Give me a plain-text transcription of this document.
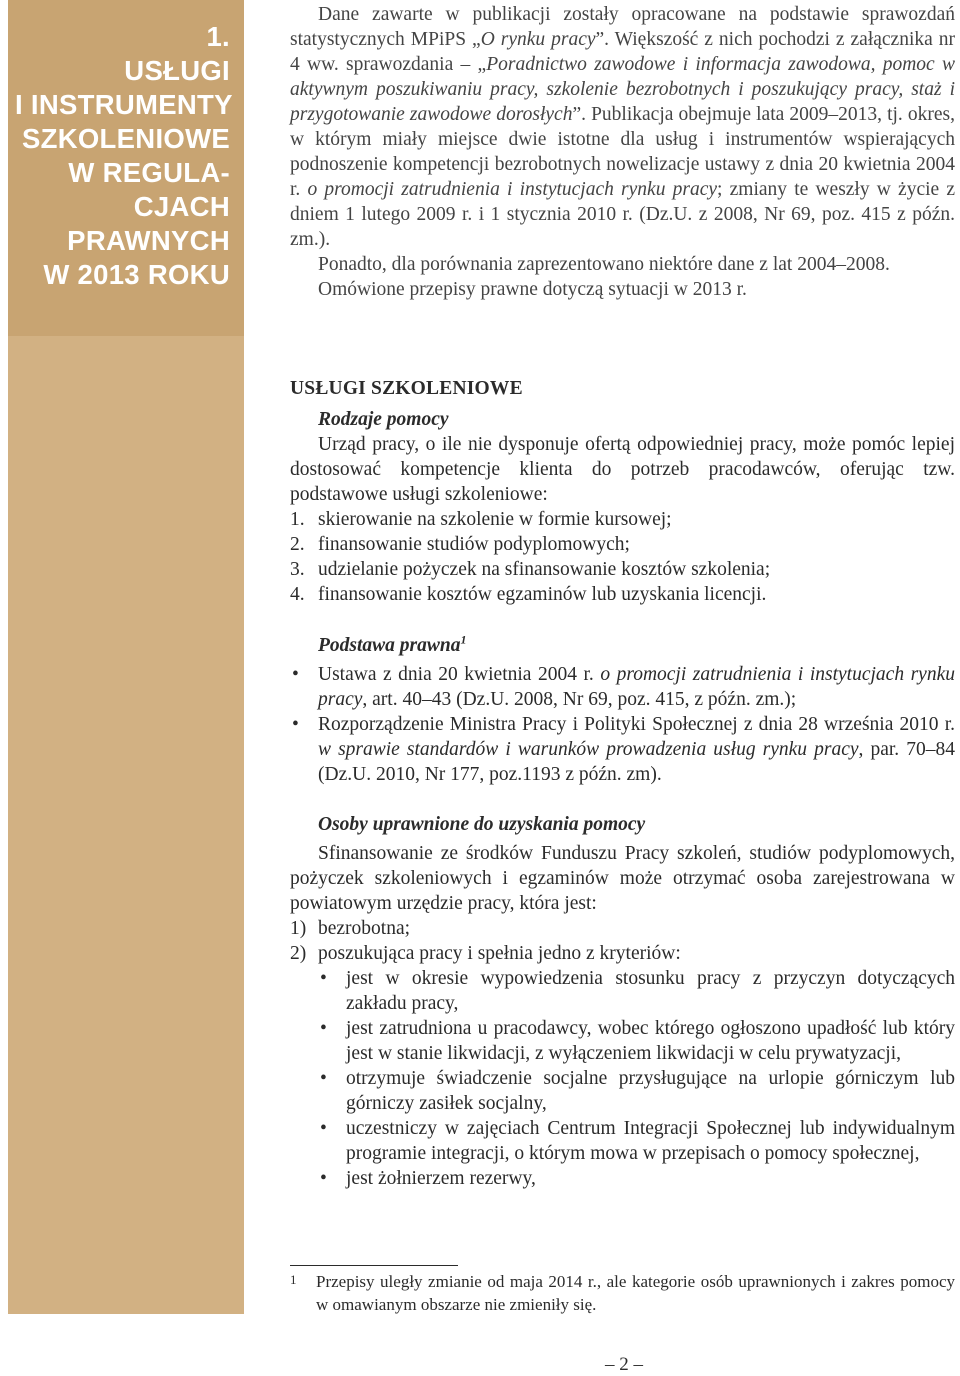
1.
USŁUGI
I INSTRUMENTY
SZKOLENIOWE
W REGULA-
CJACH
PRAWNYCH
W 2013 ROKU

Dane zawarte w publikacji zostały opracowane na podstawie sprawozdań statystycznych MPiPS „O rynku pracy”. Większość z nich pochodzi z załącznika nr 4 ww. sprawozdania – „Poradnictwo zawodowe i informacja zawodowa, pomoc w aktywnym poszukiwaniu pracy, szkolenie bezrobotnych i poszukujący pracy, staż i przygotowanie zawodowe dorosłych”. Publikacja obejmuje lata 2009–2013, tj. okres, w którym miały miejsce dwie istotne dla usług i instrumentów wspierających podnoszenie kompetencji bezrobotnych nowelizacje ustawy z dnia 20 kwietnia 2004 r. o promocji zatrudnienia i instytucjach rynku pracy; zmiany te weszły w życie z dniem 1 lutego 2009 r. i 1 stycznia 2010 r. (Dz.U. z 2008, Nr 69, poz. 415 z późn. zm.).

Ponadto, dla porównania zaprezentowano niektóre dane z lat 2004–2008.

Omówione przepisy prawne dotyczą sytuacji w 2013 r.

USŁUGI SZKOLENIOWE

Rodzaje pomocy

Urząd pracy, o ile nie dysponuje ofertą odpowiedniej pracy, może pomóc lepiej dostosować kompetencje klienta do potrzeb pracodawców, oferując tzw. podstawowe usługi szkoleniowe:

1. skierowanie na szkolenie w formie kursowej;
2. finansowanie studiów podyplomowych;
3. udzielanie pożyczek na sfinansowanie kosztów szkolenia;
4. finansowanie kosztów egzaminów lub uzyskania licencji.

Podstawa prawna$^1$

• Ustawa z dnia 20 kwietnia 2004 r. o promocji zatrudnienia i instytucjach rynku pracy, art. 40–43 (Dz.U. 2008, Nr 69, poz. 415, z późn. zm.);
• Rozporządzenie Ministra Pracy i Polityki Społecznej z dnia 28 września 2010 r. w sprawie standardów i warunków prowadzenia usług rynku pracy, par. 70–84 (Dz.U. 2010, Nr 177, poz.1193 z późn. zm).

Osoby uprawnione do uzyskania pomocy

Sfinansowanie ze środków Funduszu Pracy szkoleń, studiów podyplomowych, pożyczek szkoleniowych i egzaminów może otrzymać osoba zarejestrowana w powiatowym urzędzie pracy, która jest:

1) bezrobotna;
2) poszukująca pracy i spełnia jedno z kryteriów:
• jest w okresie wypowiedzenia stosunku pracy z przyczyn dotyczących zakładu pracy,
• jest zatrudniona u pracodawcy, wobec którego ogłoszono upadłość lub który jest w stanie likwidacji, z wyłączeniem likwidacji w celu prywatyzacji,
• otrzymuje świadczenie socjalne przysługujące na urlopie górniczym lub górniczy zasiłek socjalny,
• uczestniczy w zajęciach Centrum Integracji Społecznej lub indywidualnym programie integracji, o którym mowa w przepisach o pomocy społecznej,
• jest żołnierzem rezerwy,
1	Przepisy uległy zmianie od maja 2014 r., ale kategorie osób uprawnionych i zakres pomocy w omawianym obszarze nie zmieniły się.
– 2 –
